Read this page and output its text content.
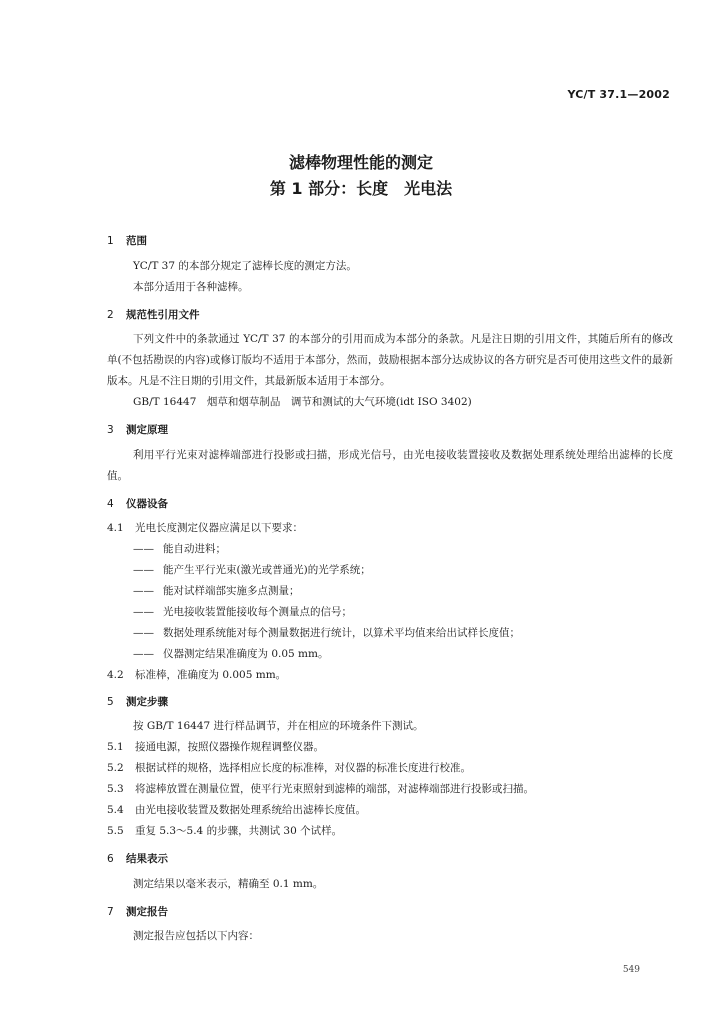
YC/T 37.1—2002
滤棒物理性能的测定
第 1 部分：长度　光电法
1 范围
YC/T 37 的本部分规定了滤棒长度的测定方法。
本部分适用于各种滤棒。
2 规范性引用文件
下列文件中的条款通过 YC/T 37 的本部分的引用而成为本部分的条款。凡是注日期的引用文件，其随后所有的修改单(不包括勘误的内容)或修订版均不适用于本部分，然而，鼓励根据本部分达成协议的各方研究是否可使用这些文件的最新版本。凡是不注日期的引用文件，其最新版本适用于本部分。
GB/T 16447　烟草和烟草制品　调节和测试的大气环境(idt ISO 3402)
3 测定原理
利用平行光束对滤棒端部进行投影或扫描，形成光信号，由光电接收装置接收及数据处理系统处理给出滤棒的长度值。
4 仪器设备
4.1 光电长度测定仪器应满足以下要求：
—— 能自动进料；
—— 能产生平行光束(激光或普通光)的光学系统；
—— 能对试样端部实施多点测量；
—— 光电接收装置能接收每个测量点的信号；
—— 数据处理系统能对每个测量数据进行统计，以算术平均值来给出试样长度值；
—— 仪器测定结果准确度为 0.05 mm。
4.2 标准棒，准确度为 0.005 mm。
5 测定步骤
按 GB/T 16447 进行样品调节，并在相应的环境条件下测试。
5.1 接通电源，按照仪器操作规程调整仪器。
5.2 根据试样的规格，选择相应长度的标准棒，对仪器的标准长度进行校准。
5.3 将滤棒放置在测量位置，使平行光束照射到滤棒的端部，对滤棒端部进行投影或扫描。
5.4 由光电接收装置及数据处理系统给出滤棒长度值。
5.5 重复 5.3～5.4 的步骤，共测试 30 个试样。
6 结果表示
测定结果以毫米表示，精确至 0.1 mm。
7 测定报告
测定报告应包括以下内容：
549
